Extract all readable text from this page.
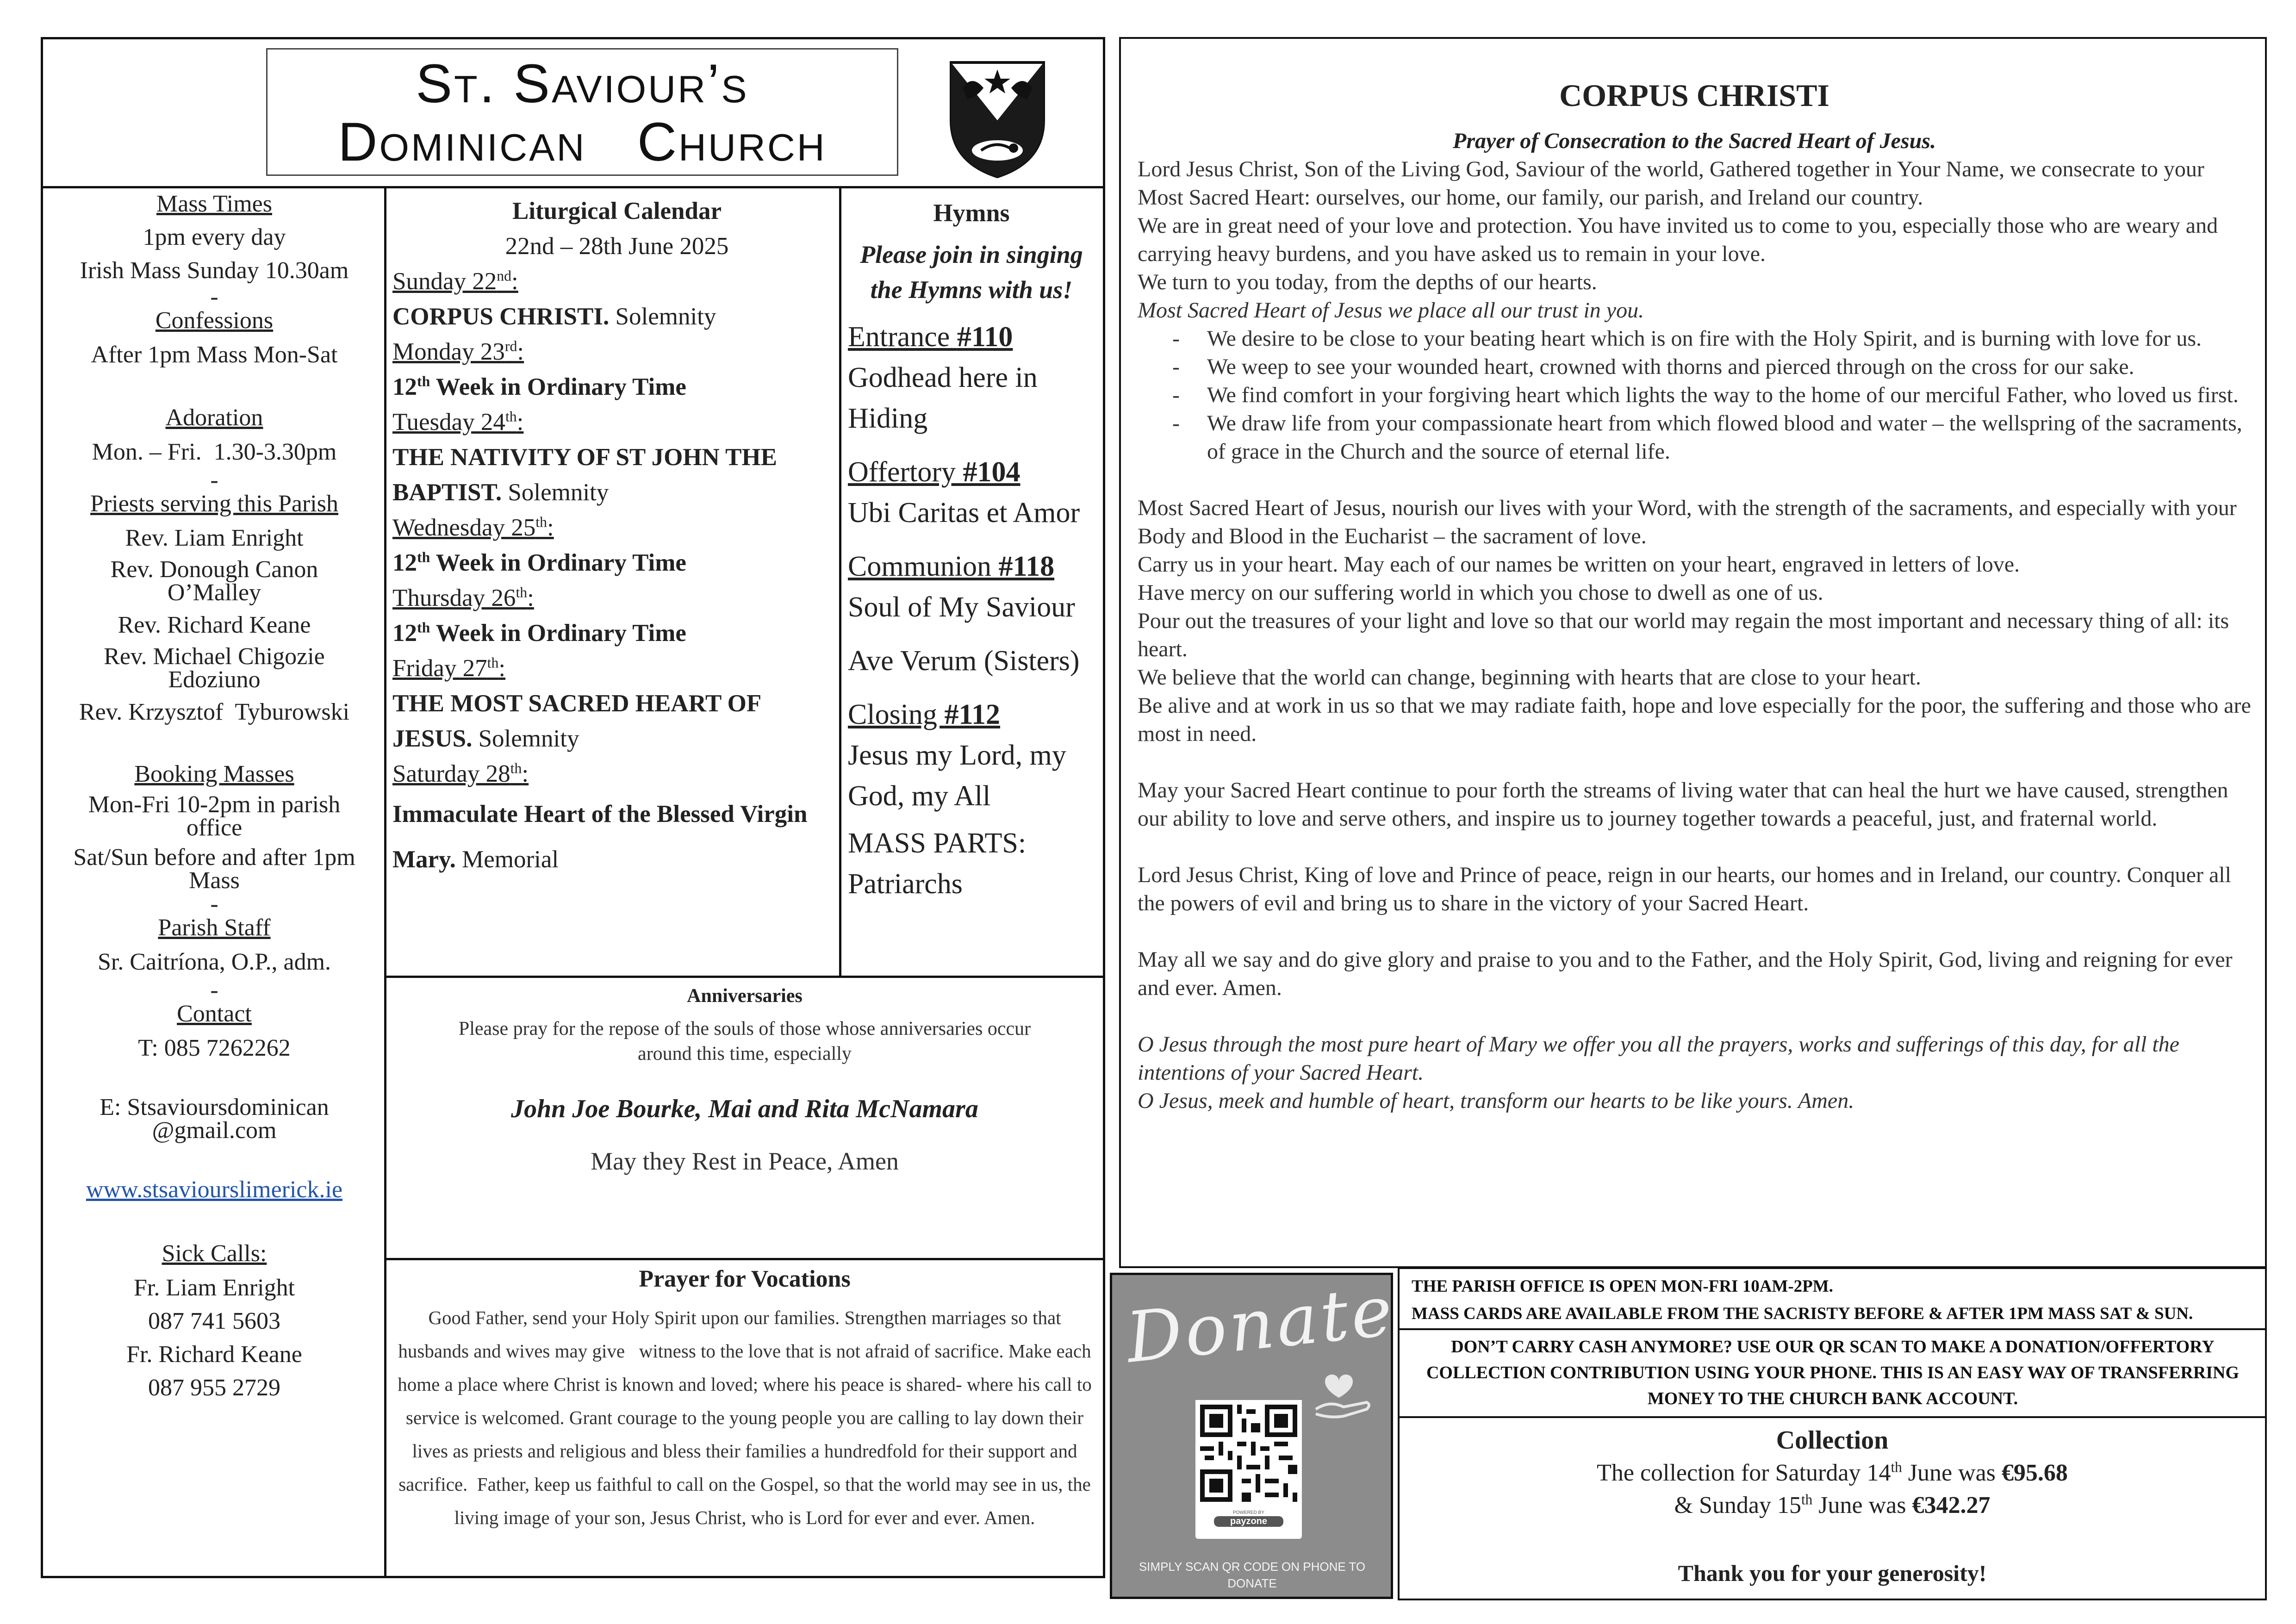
St. Saviour’s
Dominican   Church
Mass Times
1pm every day
Irish Mass Sunday 10.30am
-
Confessions
After 1pm Mass Mon-Sat
Adoration
Mon. – Fri.  1.30-3.30pm
-
Priests serving this Parish
Rev. Liam Enright
Rev. Donough Canon O’Malley
Rev. Richard Keane
Rev. Michael Chigozie Edoziuno
Rev. Krzysztof  Tyburowski
Booking Masses
Mon-Fri 10-2pm in parish office
Sat/Sun before and after 1pm Mass
-
Parish Staff
Sr. Caitríona, O.P., adm.
-
Contact
T: 085 7262262
E: Stsavioursdominican @gmail.com
www.stsaviourslimerick.ie
Sick Calls:
Fr. Liam Enright
087 741 5603
Fr. Richard Keane
087 955 2729
Liturgical Calendar
22nd – 28th June 2025
Sunday 22nd:
CORPUS CHRISTI. Solemnity
Monday 23rd:
12th Week in Ordinary Time
Tuesday 24th:
THE NATIVITY OF ST JOHN THE BAPTIST. Solemnity
Wednesday 25th:
12th Week in Ordinary Time
Thursday 26th:
12th Week in Ordinary Time
Friday 27th:
THE MOST SACRED HEART OF JESUS. Solemnity
Saturday 28th:
Immaculate Heart of the Blessed Virgin Mary. Memorial
Hymns
Please join in singing the Hymns with us!
Entrance #110
Godhead here in Hiding
Offertory #104
Ubi Caritas et Amor
Communion #118
Soul of My Saviour
Ave Verum (Sisters)
Closing #112
Jesus my Lord, my God, my All
MASS PARTS: Patriarchs
Anniversaries
Please pray for the repose of the souls of those whose anniversaries occur around this time, especially
John Joe Bourke, Mai and Rita McNamara
May they Rest in Peace, Amen
Prayer for Vocations
Good Father, send your Holy Spirit upon our families. Strengthen marriages so that husbands and wives may give   witness to the love that is not afraid of sacrifice. Make each home a place where Christ is known and loved; where his peace is shared- where his call to service is welcomed. Grant courage to the young people you are calling to lay down their lives as priests and religious and bless their families a hundredfold for their support and sacrifice.  Father, keep us faithful to call on the Gospel, so that the world may see in us, the living image of your son, Jesus Christ, who is Lord for ever and ever. Amen.
CORPUS CHRISTI
Prayer of Consecration to the Sacred Heart of Jesus.

Lord Jesus Christ, Son of the Living God, Saviour of the world, Gathered together in Your Name, we consecrate to your Most Sacred Heart: ourselves, our home, our family, our parish, and Ireland our country.

We are in great need of your love and protection. You have invited us to come to you, especially those who are weary and carrying heavy burdens, and you have asked us to remain in your love.

We turn to you today, from the depths of our hearts.

Most Sacred Heart of Jesus we place all our trust in you.

- We desire to be close to your beating heart which is on fire with the Holy Spirit, and is burning with love for us.
- We weep to see your wounded heart, crowned with thorns and pierced through on the cross for our sake.
- We find comfort in your forgiving heart which lights the way to the home of our merciful Father, who loved us first.
- We draw life from your compassionate heart from which flowed blood and water – the wellspring of the sacraments, of grace in the Church and the source of eternal life.

Most Sacred Heart of Jesus, nourish our lives with your Word, with the strength of the sacraments, and especially with your Body and Blood in the Eucharist – the sacrament of love.

Carry us in your heart. May each of our names be written on your heart, engraved in letters of love.

Have mercy on our suffering world in which you chose to dwell as one of us.

Pour out the treasures of your light and love so that our world may regain the most important and necessary thing of all: its heart.

We believe that the world can change, beginning with hearts that are close to your heart.

Be alive and at work in us so that we may radiate faith, hope and love especially for the poor, the suffering and those who are most in need.

May your Sacred Heart continue to pour forth the streams of living water that can heal the hurt we have caused, strengthen our ability to love and serve others, and inspire us to journey together towards a peaceful, just, and fraternal world.

Lord Jesus Christ, King of love and Prince of peace, reign in our hearts, our homes and in Ireland, our country. Conquer all the powers of evil and bring us to share in the victory of your Sacred Heart.

May all we say and do give glory and praise to you and to the Father, and the Holy Spirit, God, living and reigning for ever and ever. Amen.

O Jesus through the most pure heart of Mary we offer you all the prayers, works and sufferings of this day, for all the intentions of your Sacred Heart.

O Jesus, meek and humble of heart, transform our hearts to be like yours. Amen.

Donate
POWERED BY
payzone
SIMPLY SCAN QR CODE ON PHONE TO DONATE
THE PARISH OFFICE IS OPEN MON-FRI 10AM-2PM.
MASS CARDS ARE AVAILABLE FROM THE SACRISTY BEFORE & AFTER 1PM MASS SAT & SUN.
DON’T CARRY CASH ANYMORE? USE OUR QR SCAN TO MAKE A DONATION/OFFERTORY COLLECTION CONTRIBUTION USING YOUR PHONE. THIS IS AN EASY WAY OF TRANSFERRING MONEY TO THE CHURCH BANK ACCOUNT.
Collection
The collection for Saturday 14th June was €95.68
& Sunday 15th June was €342.27
Thank you for your generosity!
